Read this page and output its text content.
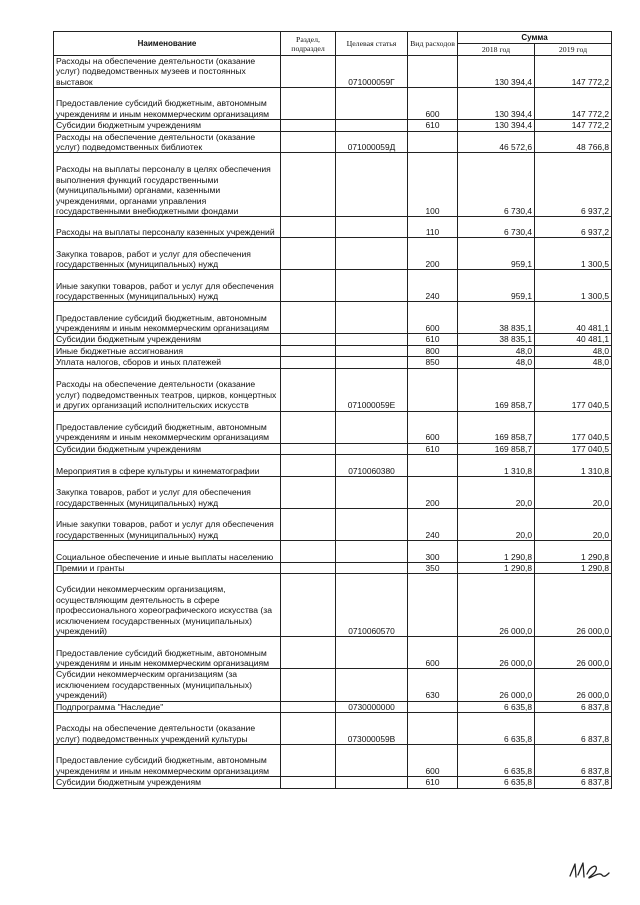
Наименование	Раздел, подраздел	Целевая статья	Вид расходов	Сумма	
				2018 год	2019 год
Расходы на обеспечение деятельности (оказание услуг) подведомственных музеев и постоянных выставок		071000059Г		130 394,4	147 772,2
Предоставление субсидий бюджетным, автономным учреждениям и иным некоммерческим организациям			600	130 394,4	147 772,2
Субсидии бюджетным учреждениям			610	130 394,4	147 772,2
Расходы на обеспечение деятельности (оказание услуг) подведомственных библиотек		071000059Д		46 572,6	48 766,8
Расходы на выплаты персоналу в целях обеспечения выполнения функций государственными (муниципальными) органами, казенными учреждениями, органами управления государственными внебюджетными фондами			100	6 730,4	6 937,2
Расходы на выплаты персоналу казенных учреждений			110	6 730,4	6 937,2
Закупка товаров, работ и услуг для обеспечения государственных (муниципальных) нужд			200	959,1	1 300,5
Иные закупки товаров, работ и услуг для обеспечения государственных (муниципальных) нужд			240	959,1	1 300,5
Предоставление субсидий бюджетным, автономным учреждениям и иным некоммерческим организациям			600	38 835,1	40 481,1
Субсидии бюджетным учреждениям			610	38 835,1	40 481,1
Иные бюджетные ассигнования			800	48,0	48,0
Уплата налогов, сборов и иных платежей			850	48,0	48,0
Расходы на обеспечение деятельности (оказание услуг) подведомственных театров, цирков, концертных и других организаций исполнительских искусств		071000059Е		169 858,7	177 040,5
Предоставление субсидий бюджетным, автономным учреждениям и иным некоммерческим организациям			600	169 858,7	177 040,5
Субсидии бюджетным учреждениям			610	169 858,7	177 040,5
Мероприятия в сфере культуры и кинематографии		0710060380		1 310,8	1 310,8
Закупка товаров, работ и услуг для обеспечения государственных (муниципальных) нужд			200	20,0	20,0
Иные закупки товаров, работ и услуг для обеспечения государственных (муниципальных) нужд			240	20,0	20,0
Социальное обеспечение и иные выплаты населению			300	1 290,8	1 290,8
Премии и гранты			350	1 290,8	1 290,8
Субсидии некоммерческим организациям, осуществляющим деятельность в сфере профессионального хореографического искусства (за исключением государственных (муниципальных) учреждений)		0710060570		26 000,0	26 000,0
Предоставление субсидий бюджетным, автономным учреждениям и иным некоммерческим организациям			600	26 000,0	26 000,0
Субсидии некоммерческим организациям (за исключением государственных (муниципальных) учреждений)			630	26 000,0	26 000,0
Подпрограмма "Наследие"		0730000000		6 635,8	6 837,8
Расходы на обеспечение деятельности (оказание услуг) подведомственных учреждений культуры		073000059В		6 635,8	6 837,8
Предоставление субсидий бюджетным, автономным учреждениям и иным некоммерческим организациям			600	6 635,8	6 837,8
Субсидии бюджетным учреждениям			610	6 635,8	6 837,8
